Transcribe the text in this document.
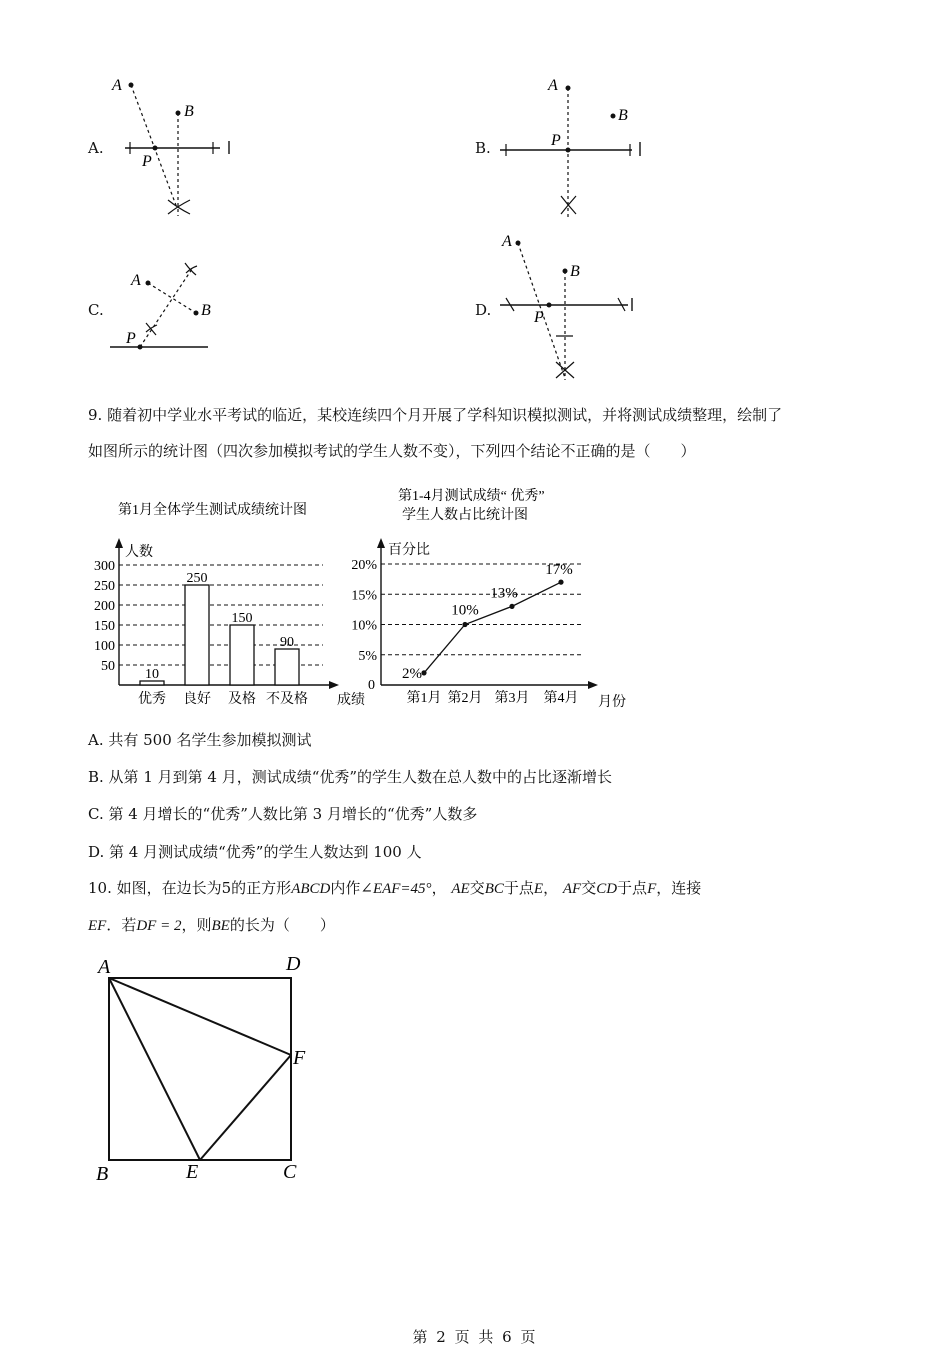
A.
A
B
P
B.
A
B
P
C.
A
B
P
D.
A
B
P
9. 随着初中学业水平考试的临近，某校连续四个月开展了学科知识模拟测试，并将测试成绩整理，绘制了
如图所示的统计图（四次参加模拟考试的学生人数不变），下列四个结论不正确的是（　　）
第1月全体学生测试成绩统计图
人数
成绩
50
100
150
200
250
300
10
优秀
250
良好
150
及格
90
不及格
第1-4月测试成绩“ 优秀”
学生人数占比统计图
百分比
月份
0
5%
10%
15%
20%
2%
第1月
10%
第2月
13%
第3月
17%
第4月
A. 共有 500 名学生参加模拟测试
B. 从第 1 月到第 4 月，测试成绩“优秀”的学生人数在总人数中的占比逐渐增长
C. 第 4 月增长的“优秀”人数比第 3 月增长的“优秀”人数多
D. 第 4 月测试成绩“优秀”的学生人数达到 100 人
10. 如图，在边长为5的正方形ABCD内作∠EAF=45°， AE交BC于点E， AF交CD于点F，连接
EF．若DF = 2，则BE的长为（　　）
A	D
B	C
E
F
第 2 页 共 6 页
